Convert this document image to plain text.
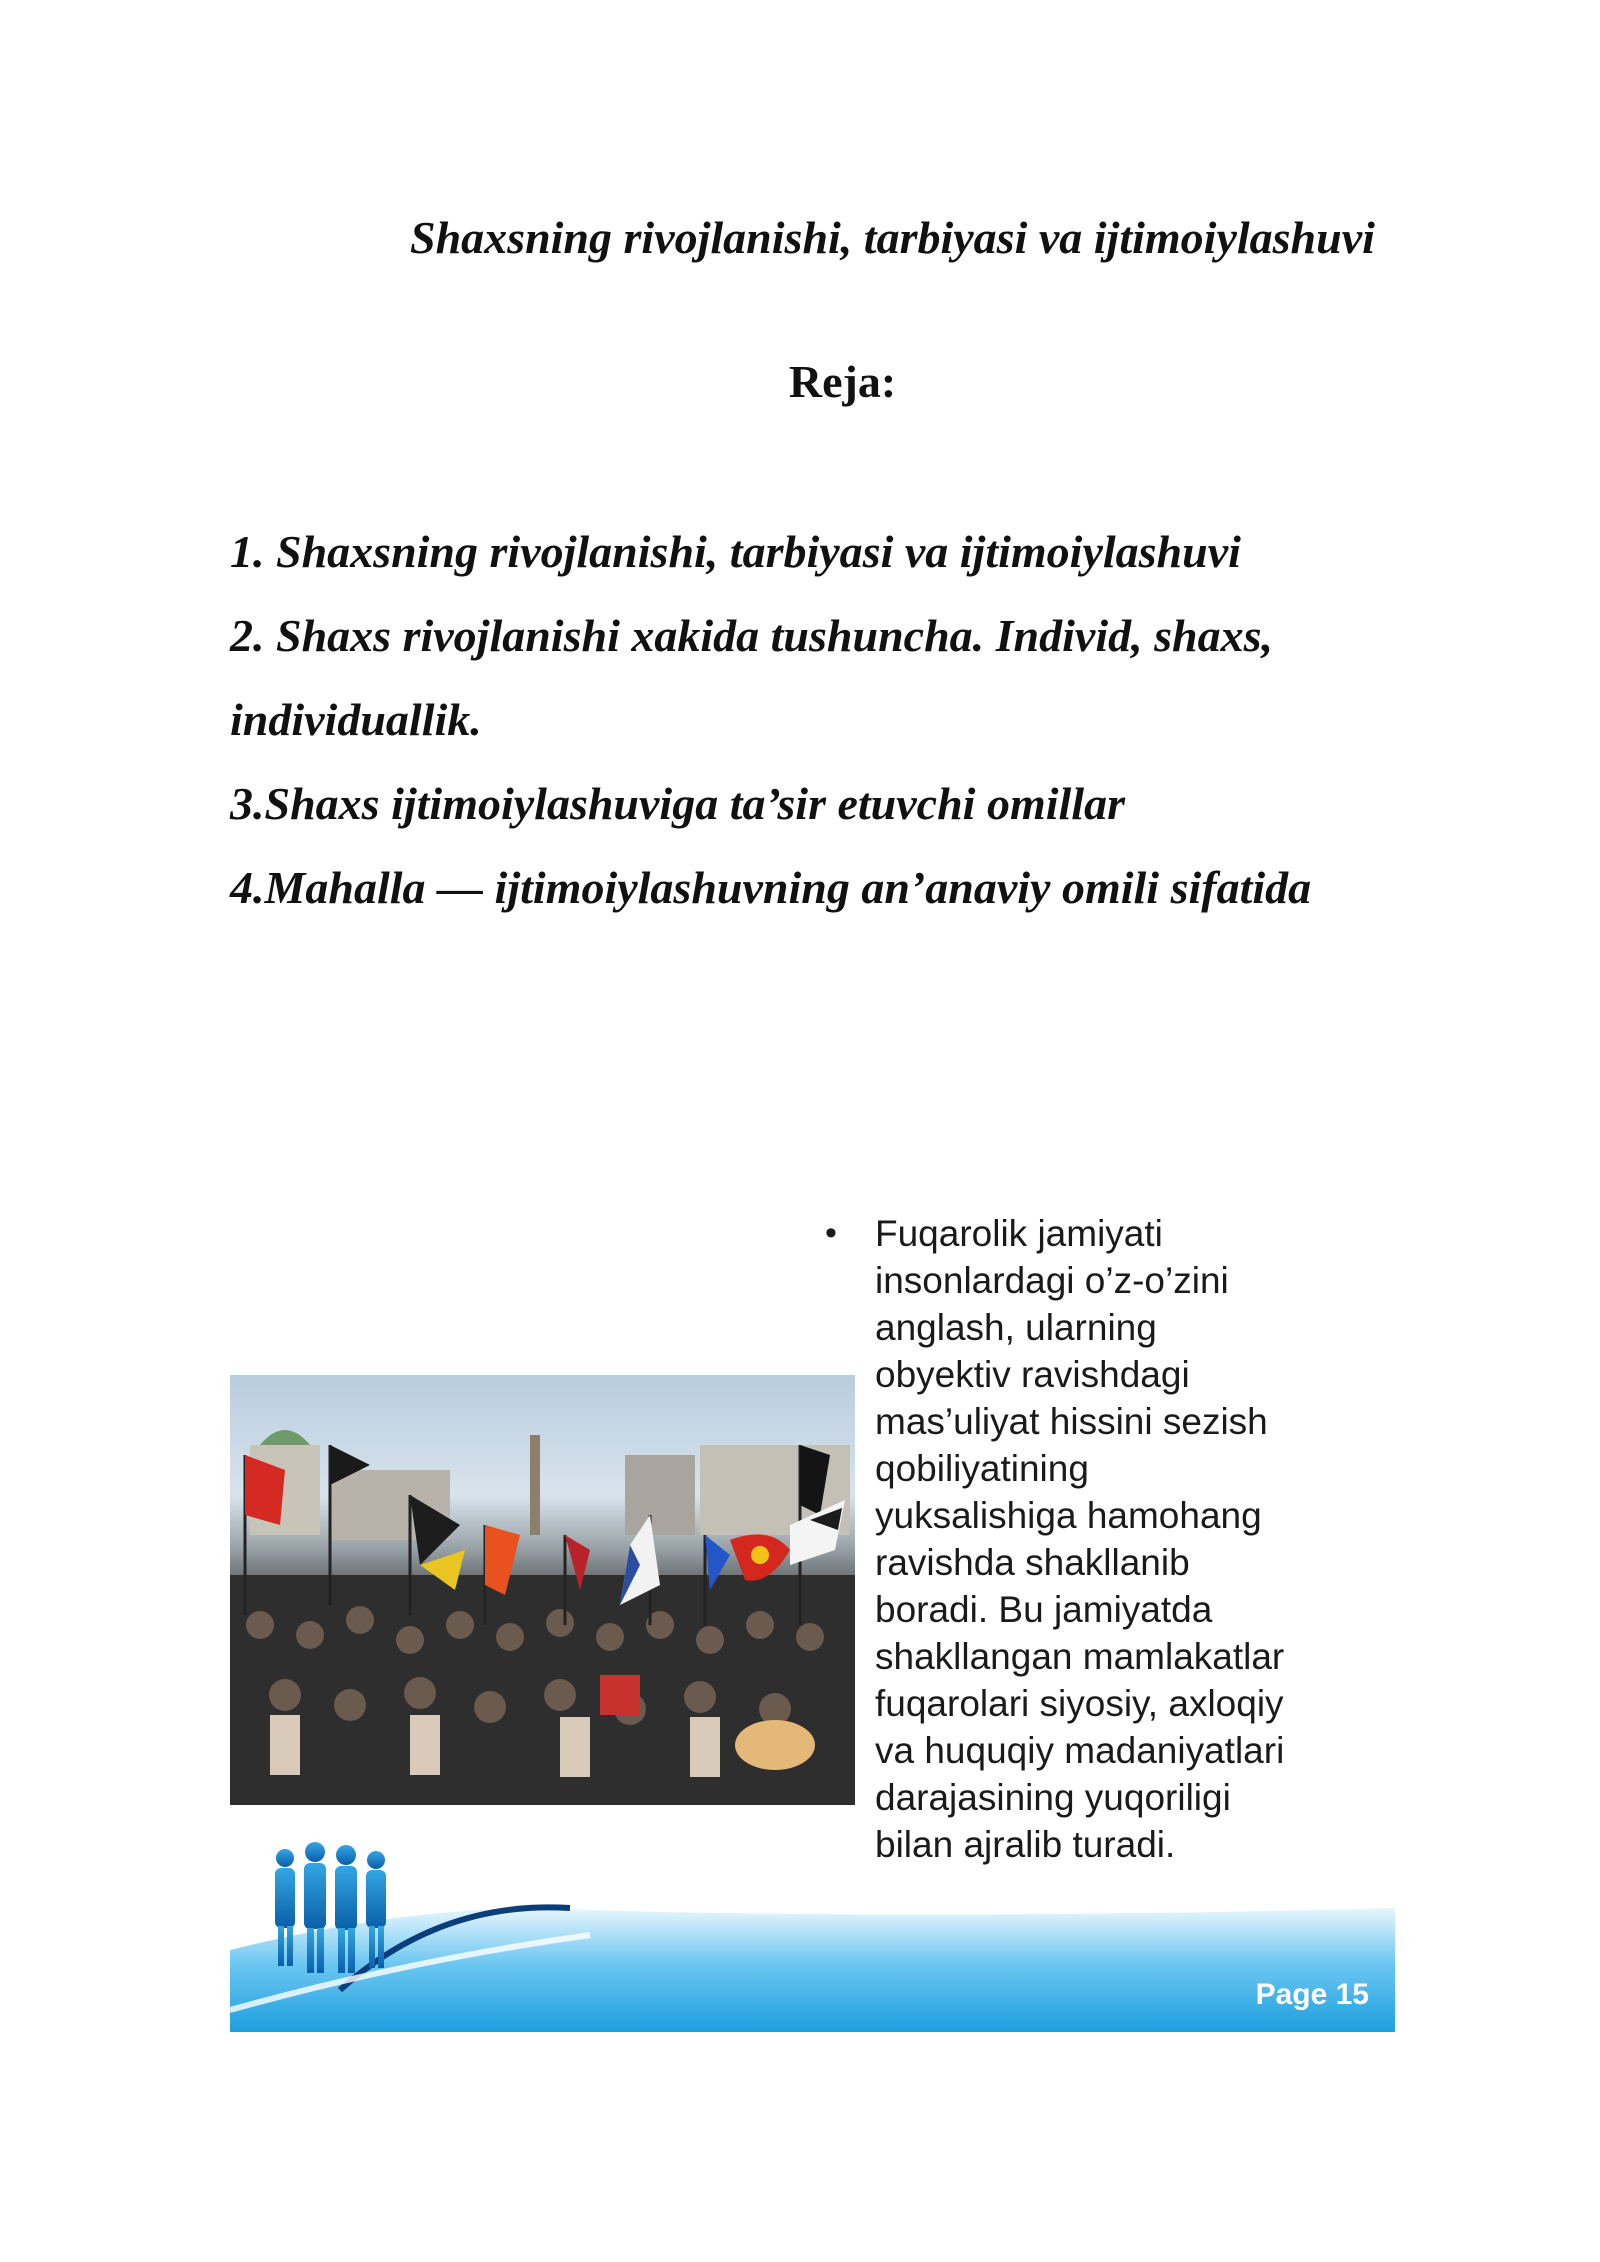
Shaxsning rivojlanishi, tarbiyasi va ijtimoiylashuvi
Reja:
1. Shaxsning rivojlanishi, tarbiyasi va ijtimoiylashuvi
2. Shaxs rivojlanishi xakida tushuncha. Individ, shaxs,
individuallik.
3.Shaxs ijtimoiylashuviga ta’sir etuvchi omillar
4.Mahalla — ijtimoiylashuvning an’anaviy omili sifatida
• Fuqarolik jamiyati
insonlardagi o’z-o’zini
anglash, ularning
obyektiv ravishdagi
mas’uliyat hissini sezish
qobiliyatining
yuksalishiga hamohang
ravishda shakllanib
boradi. Bu jamiyatda
shakllangan mamlakatlar
fuqarolari siyosiy, axloqiy
va huquqiy madaniyatlari
darajasining yuqoriligi
bilan ajralib turadi.
Page 15
